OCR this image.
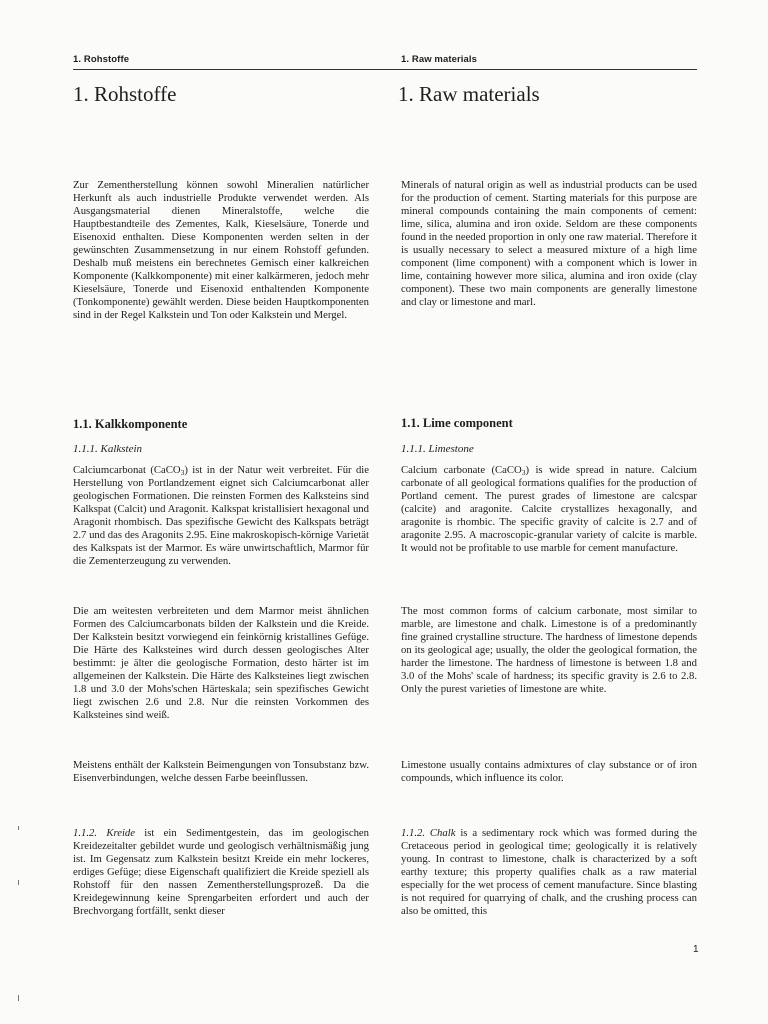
1. Rohstoffe	1. Raw materials
1. Rohstoffe	1. Raw materials

Zur Zementherstellung können sowohl Mineralien natürlicher Herkunft als auch industrielle Produkte verwendet werden. Als Ausgangsmaterial dienen Mineralstoffe, welche die Hauptbestandteile des Zementes, Kalk, Kieselsäure, Tonerde und Eisenoxid enthalten. Diese Komponenten werden selten in der gewünschten Zusammensetzung in nur einem Rohstoff gefunden. Deshalb muß meistens ein berechnetes Gemisch einer kalkreichen Komponente (Kalkkomponente) mit einer kalkärmeren, jedoch mehr Kieselsäure, Tonerde und Eisenoxid enthaltenden Komponente (Tonkomponente) gewählt werden. Diese beiden Hauptkomponenten sind in der Regel Kalkstein und Ton oder Kalkstein und Mergel.

Minerals of natural origin as well as industrial products can be used for the production of cement. Starting materials for this purpose are mineral compounds containing the main components of cement: lime, silica, alumina and iron oxide. Seldom are these components found in the needed proportion in only one raw material. Therefore it is usually necessary to select a measured mixture of a high lime component (lime component) with a component which is lower in lime, containing however more silica, alumina and iron oxide (clay component). These two main components are generally limestone and clay or limestone and marl.

1.1. Kalkkomponente	1.1. Lime component
1.1.1. Kalkstein	1.1.1. Limestone

Calciumcarbonat (CaCO$_3$) ist in der Natur weit verbreitet. Für die Herstellung von Portlandzement eignet sich Calciumcarbonat aller geologischen Formationen. Die reinsten Formen des Kalksteins sind Kalkspat (Calcit) und Aragonit. Kalkspat kristallisiert hexagonal und Aragonit rhombisch. Das spezifische Gewicht des Kalkspats beträgt 2.7 und das des Aragonits 2.95. Eine makroskopisch-körnige Varietät des Kalkspats ist der Marmor. Es wäre unwirtschaftlich, Marmor für die Zementerzeugung zu verwenden.

Calcium carbonate (CaCO$_3$) is wide spread in nature. Calcium carbonate of all geological formations qualifies for the production of Portland cement. The purest grades of limestone are calcspar (calcite) and aragonite. Calcite crystallizes hexagonally, and aragonite is rhombic. The specific gravity of calcite is 2.7 and of aragonite 2.95. A macroscopic-granular variety of calcite is marble. It would not be profitable to use marble for cement manufacture.

Die am weitesten verbreiteten und dem Marmor meist ähnlichen Formen des Calciumcarbonats bilden der Kalkstein und die Kreide. Der Kalkstein besitzt vorwiegend ein feinkörnig kristallines Gefüge. Die Härte des Kalksteines wird durch dessen geologisches Alter bestimmt: je älter die geologische Formation, desto härter ist im allgemeinen der Kalkstein. Die Härte des Kalksteines liegt zwischen 1.8 und 3.0 der Mohs'schen Härteskala; sein spezifisches Gewicht liegt zwischen 2.6 und 2.8. Nur die reinsten Vorkommen des Kalksteines sind weiß.

The most common forms of calcium carbonate, most similar to marble, are limestone and chalk. Limestone is of a predominantly fine grained crystalline structure. The hardness of limestone depends on its geological age; usually, the older the geological formation, the harder the limestone. The hardness of limestone is between 1.8 and 3.0 of the Mohs' scale of hardness; its specific gravity is 2.6 to 2.8. Only the purest varieties of limestone are white.

Meistens enthält der Kalkstein Beimengungen von Tonsubstanz bzw. Eisenverbindungen, welche dessen Farbe beeinflussen.

Limestone usually contains admixtures of clay substance or of iron compounds, which influence its color.

1.1.2. Kreide ist ein Sedimentgestein, das im geologischen Kreidezeitalter gebildet wurde und geologisch verhältnismäßig jung ist. Im Gegensatz zum Kalkstein besitzt Kreide ein mehr lockeres, erdiges Gefüge; diese Eigenschaft qualifiziert die Kreide speziell als Rohstoff für den nassen Zementherstellungsprozeß. Da die Kreidegewinnung keine Sprengarbeiten erfordert und auch der Brechvorgang fortfällt, senkt dieser

1.1.2. Chalk is a sedimentary rock which was formed during the Cretaceous period in geological time; geologically it is relatively young. In contrast to limestone, chalk is characterized by a soft earthy texture; this property qualifies chalk as a raw material especially for the wet process of cement manufacture. Since blasting is not required for quarrying of chalk, and the crushing process can also be omitted, this

1
